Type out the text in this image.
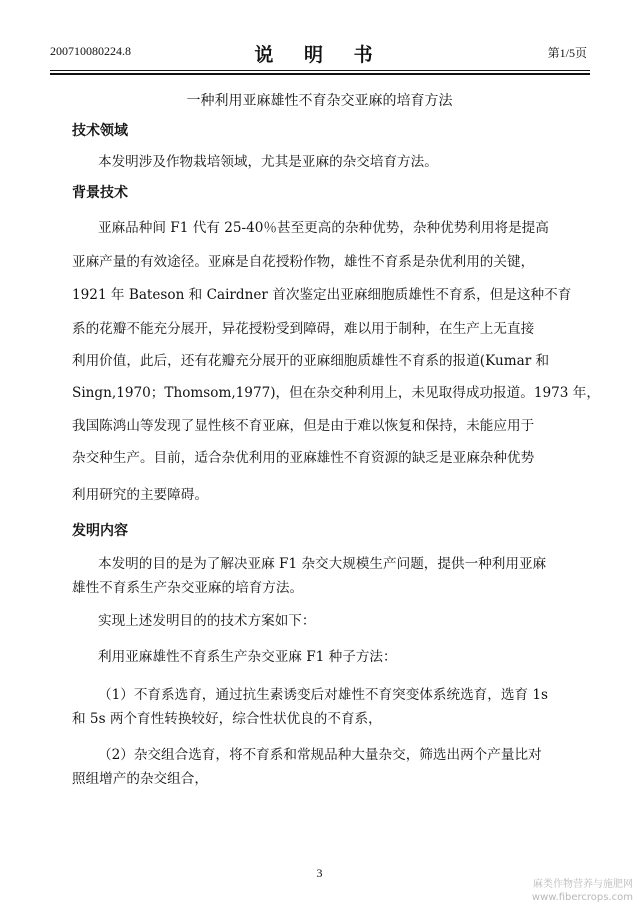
200710080224.8	说 明 书	第1/5页
一种利用亚麻雄性不育杂交亚麻的培育方法
技术领域
本发明涉及作物栽培领域，尤其是亚麻的杂交培育方法。
背景技术
亚麻品种间 F1 代有 25-40％甚至更高的杂种优势，杂种优势利用将是提高
亚麻产量的有效途径。亚麻是自花授粉作物，雄性不育系是杂优利用的关键，
1921 年 Bateson 和 Cairdner 首次鉴定出亚麻细胞质雄性不育系，但是这种不育
系的花瓣不能充分展开，异花授粉受到障碍，难以用于制种，在生产上无直接
利用价值，此后，还有花瓣充分展开的亚麻细胞质雄性不育系的报道(Kumar 和
Singn,1970；Thomsom,1977)，但在杂交种利用上，未见取得成功报道。1973 年，
我国陈鸿山等发现了显性核不育亚麻，但是由于难以恢复和保持，未能应用于
杂交种生产。目前，适合杂优利用的亚麻雄性不育资源的缺乏是亚麻杂种优势
利用研究的主要障碍。
发明内容
本发明的目的是为了解决亚麻 F1 杂交大规模生产问题，提供一种利用亚麻
雄性不育系生产杂交亚麻的培育方法。
实现上述发明目的的技术方案如下：
利用亚麻雄性不育系生产杂交亚麻 F1 种子方法：
（1）不育系选育，通过抗生素诱变后对雄性不育突变体系统选育，选育 1s
和 5s 两个育性转换较好，综合性状优良的不育系，
（2）杂交组合选育，将不育系和常规品种大量杂交，筛选出两个产量比对
照组增产的杂交组合，
3
麻类作物营养与施肥网
www.fibercrops.com
